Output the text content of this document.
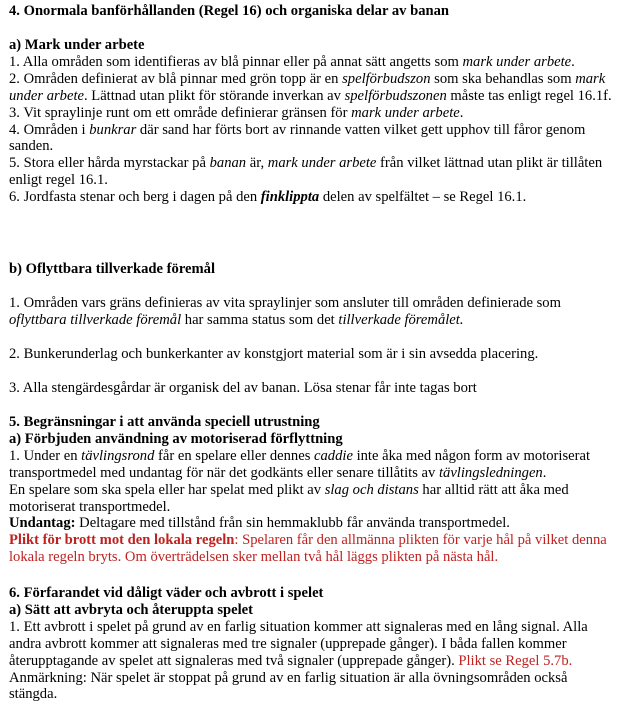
4. Onormala banförhållanden (Regel 16) och organiska delar av banan
a) Mark under arbete

1. Alla områden som identifieras av blå pinnar eller på annat sätt angetts som mark under arbete.

2. Områden definierat av blå pinnar med grön topp är en spelförbudszon som ska behandlas som mark under arbete. Lättnad utan plikt för störande inverkan av spelförbudszonen måste tas enligt regel 16.1f.

3. Vit spraylinje runt om ett område definierar gränsen för mark under arbete.

4. Områden i bunkrar där sand har förts bort av rinnande vatten vilket gett upphov till fåror genom sanden.

5. Stora eller hårda myrstackar på banan är, mark under arbete från vilket lättnad utan plikt är tillåten enligt regel 16.1.

6. Jordfasta stenar och berg i dagen på den finklippta delen av spelfältet – se Regel 16.1.

b) Oflyttbara tillverkade föremål

1. Områden vars gräns definieras av vita spraylinjer som ansluter till områden definierade som oflyttbara tillverkade föremål har samma status som det tillverkade föremålet.

2. Bunkerunderlag och bunkerkanter av konstgjort material som är i sin avsedda placering.

3. Alla stengärdesgårdar är organisk del av banan. Lösa stenar får inte tagas bort

5. Begränsningar i att använda speciell utrustning
a) Förbjuden användning av motoriserad förflyttning

1. Under en tävlingsrond får en spelare eller dennes caddie inte åka med någon form av motoriserat transportmedel med undantag för när det godkänts eller senare tillåtits av tävlingsledningen.

En spelare som ska spela eller har spelat med plikt av slag och distans har alltid rätt att åka med motoriserat transportmedel.

Undantag: Deltagare med tillstånd från sin hemmaklubb får använda transportmedel.

Plikt för brott mot den lokala regeln: Spelaren får den allmänna plikten för varje hål på vilket denna lokala regeln bryts. Om överträdelsen sker mellan två hål läggs plikten på nästa hål.

6. Förfarandet vid dåligt väder och avbrott i spelet
a) Sätt att avbryta och återuppta spelet

1. Ett avbrott i spelet på grund av en farlig situation kommer att signaleras med en lång signal. Alla andra avbrott kommer att signaleras med tre signaler (upprepade gånger). I båda fallen kommer återupptagande av spelet att signaleras med två signaler (upprepade gånger). Plikt se Regel 5.7b.

Anmärkning: När spelet är stoppat på grund av en farlig situation är alla övningsområden också stängda.
